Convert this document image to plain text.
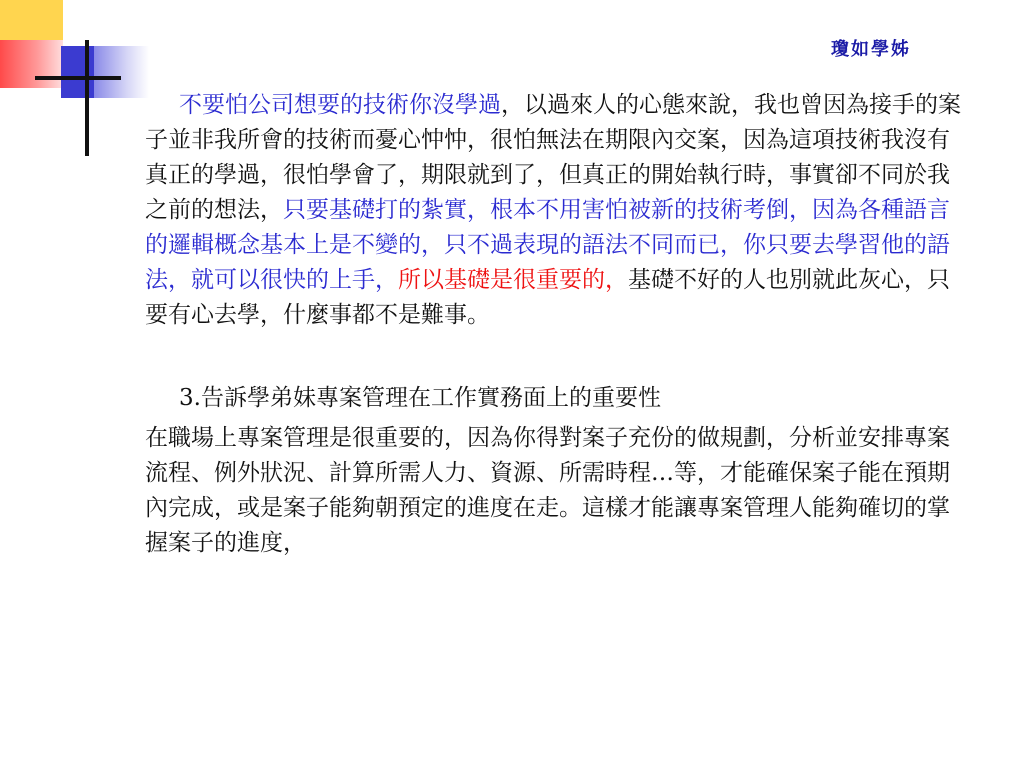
瓊如學姊

不要怕公司想要的技術你沒學過，以過來人的心態來說，我也曾因為接手的案子並非我所會的技術而憂心忡忡，很怕無法在期限內交案，因為這項技術我沒有真正的學過，很怕學會了，期限就到了，但真正的開始執行時，事實卻不同於我之前的想法，只要基礎打的紮實，根本不用害怕被新的技術考倒，因為各種語言的邏輯概念基本上是不變的，只不過表現的語法不同而已，你只要去學習他的語法，就可以很快的上手，所以基礎是很重要的，基礎不好的人也別就此灰心，只要有心去學，什麼事都不是難事。

3.告訴學弟妹專案管理在工作實務面上的重要性

在職場上專案管理是很重要的，因為你得對案子充份的做規劃，分析並安排專案流程、例外狀況、計算所需人力、資源、所需時程…等，才能確保案子能在預期內完成，或是案子能夠朝預定的進度在走。這樣才能讓專案管理人能夠確切的掌握案子的進度，
